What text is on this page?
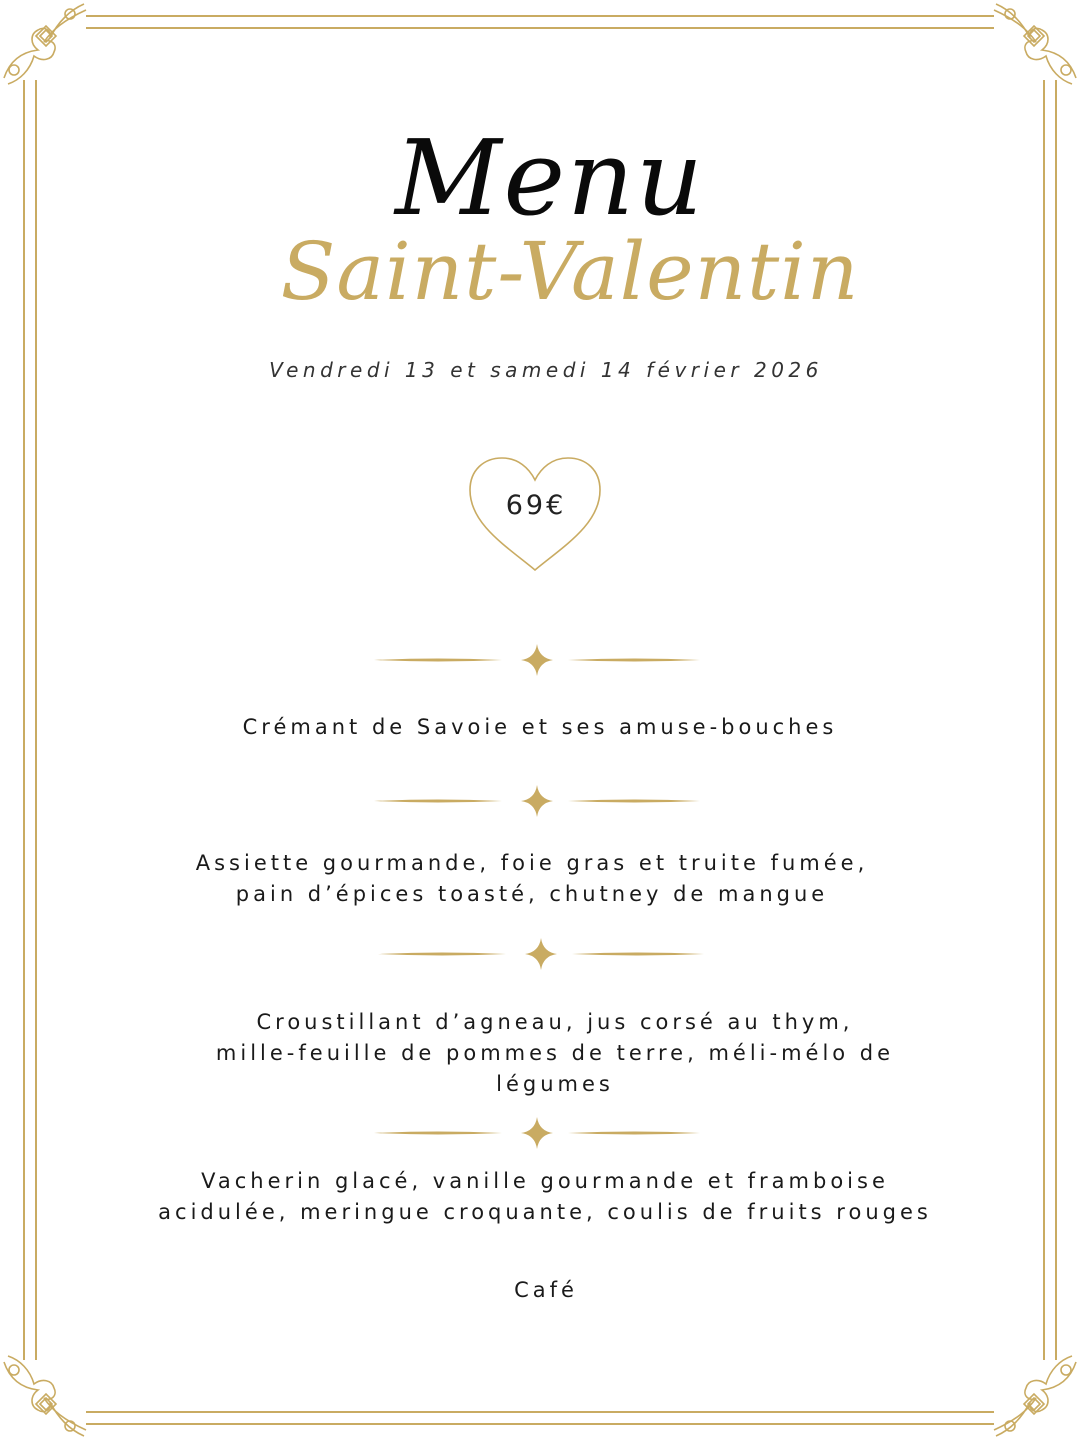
Menu
Saint-Valentin
Vendredi 13 et samedi 14 février 2026
69€
Crémant de Savoie et ses amuse-bouches
Assiette gourmande, foie gras et truite fumée,
pain d’épices toasté, chutney de mangue
Croustillant d’agneau, jus corsé au thym,
mille-feuille de pommes de terre, méli-mélo de
légumes
Vacherin glacé, vanille gourmande et framboise
acidulée, meringue croquante, coulis de fruits rouges
Café
